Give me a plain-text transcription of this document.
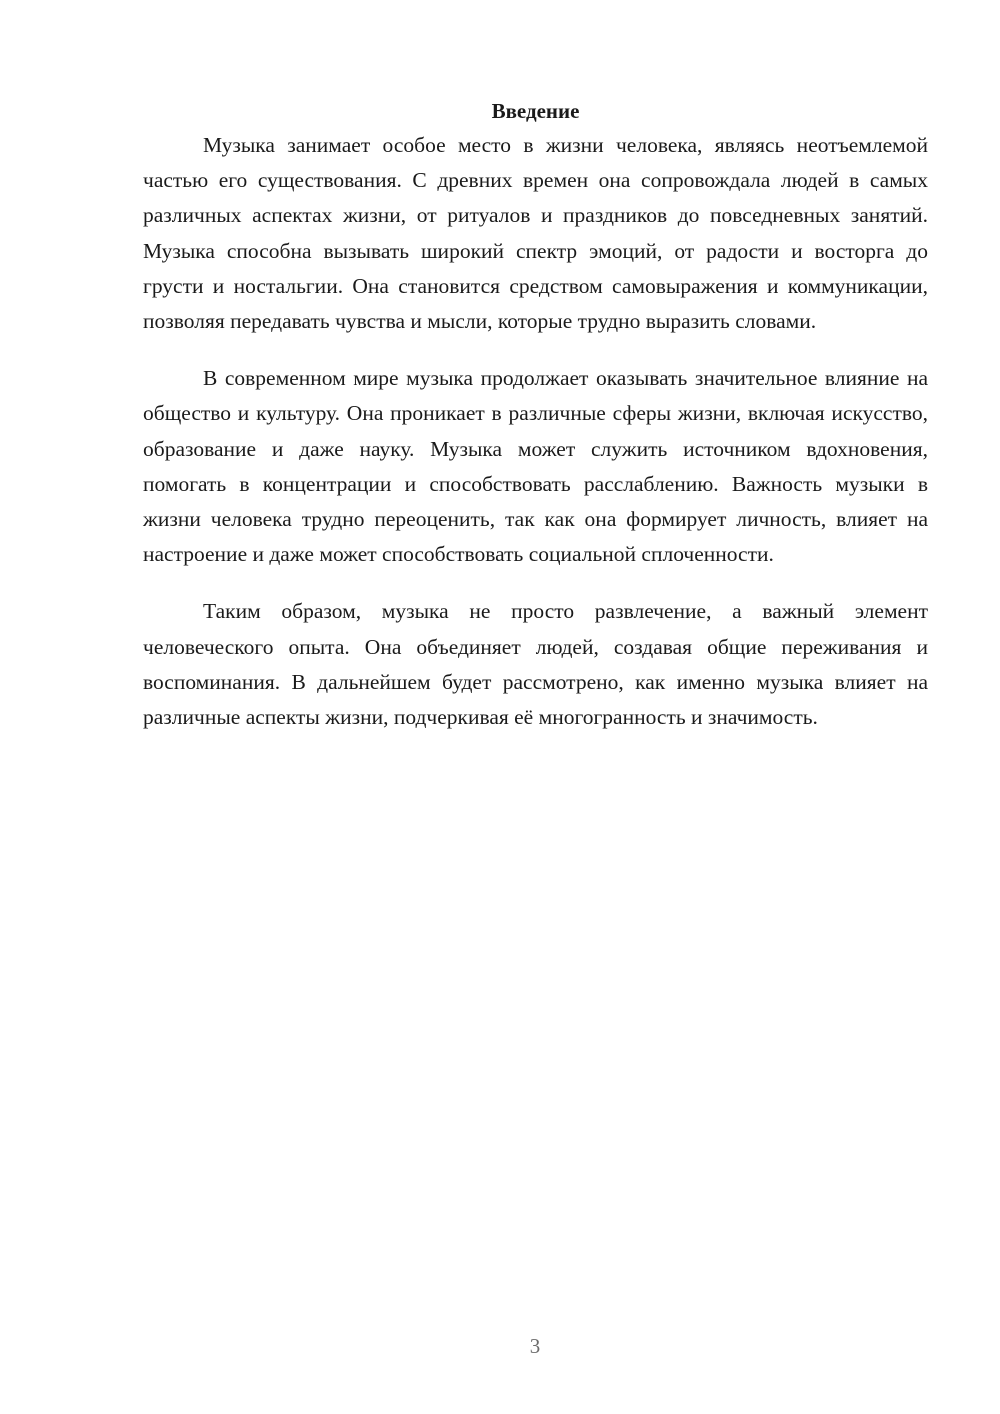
Введение

Музыка занимает особое место в жизни человека, являясь неотъемлемой частью его существования. С древних времен она сопровождала людей в самых различных аспектах жизни, от ритуалов и праздников до повседневных занятий. Музыка способна вызывать широкий спектр эмоций, от радости и восторга до грусти и ностальгии. Она становится средством самовыражения и коммуникации, позволяя передавать чувства и мысли, которые трудно выразить словами.

В современном мире музыка продолжает оказывать значительное влияние на общество и культуру. Она проникает в различные сферы жизни, включая искусство, образование и даже науку. Музыка может служить источником вдохновения, помогать в концентрации и способствовать расслаблению. Важность музыки в жизни человека трудно переоценить, так как она формирует личность, влияет на настроение и даже может способствовать социальной сплоченности.

Таким образом, музыка не просто развлечение, а важный элемент человеческого опыта. Она объединяет людей, создавая общие переживания и воспоминания. В дальнейшем будет рассмотрено, как именно музыка влияет на различные аспекты жизни, подчеркивая её многогранность и значимость.

3
